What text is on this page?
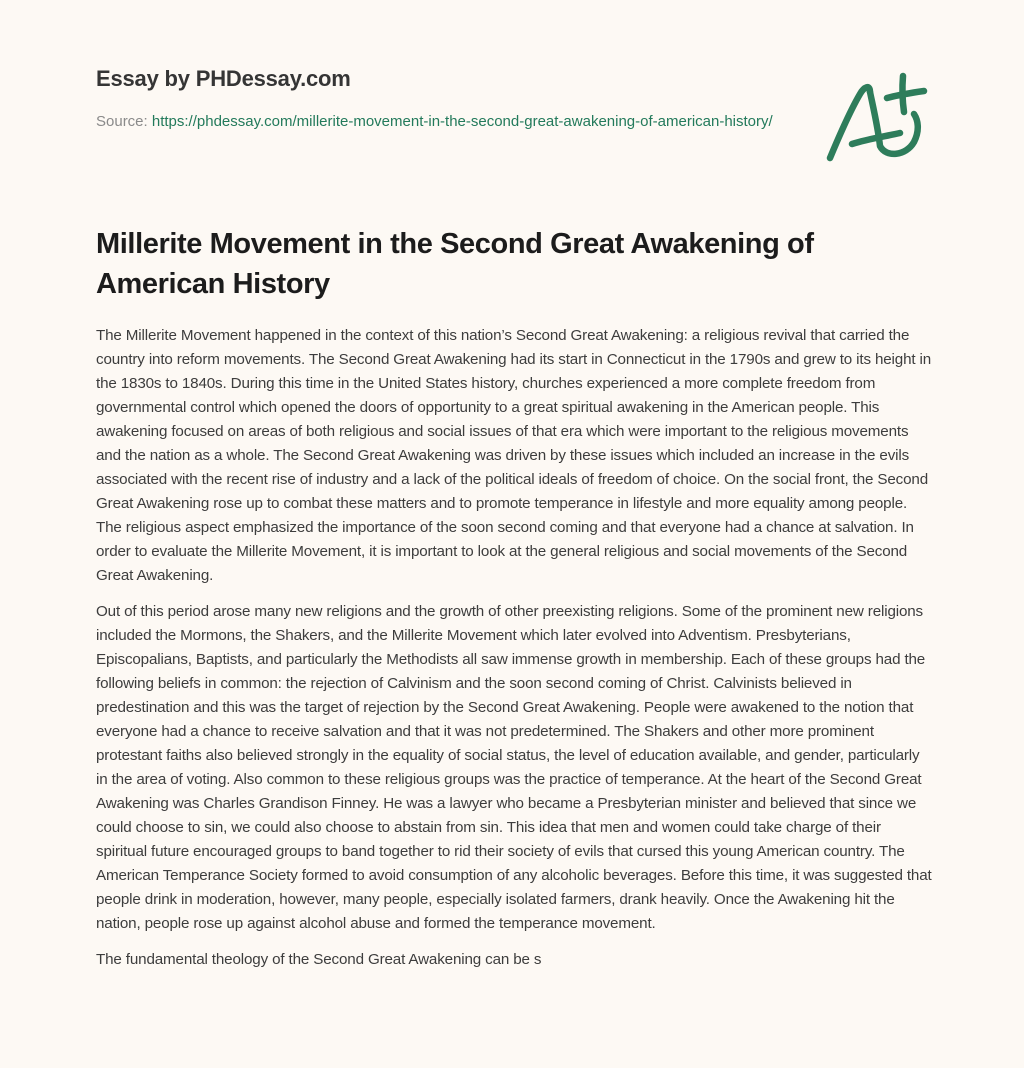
Essay by PHDessay.com
Source: https://phdessay.com/millerite-movement-in-the-second-great-awakening-of-american-history/
Millerite Movement in the Second Great Awakening of American History

The Millerite Movement happened in the context of this nation’s Second Great Awakening: a religious revival that carried the country into reform movements. The Second Great Awakening had its start in Connecticut in the 1790s and grew to its height in the 1830s to 1840s. During this time in the United States history, churches experienced a more complete freedom from governmental control which opened the doors of opportunity to a great spiritual awakening in the American people. This awakening focused on areas of both religious and social issues of that era which were important to the religious movements and the nation as a whole. The Second Great Awakening was driven by these issues which included an increase in the evils associated with the recent rise of industry and a lack of the political ideals of freedom of choice. On the social front, the Second Great Awakening rose up to combat these matters and to promote temperance in lifestyle and more equality among people. The religious aspect emphasized the importance of the soon second coming and that everyone had a chance at salvation. In order to evaluate the Millerite Movement, it is important to look at the general religious and social movements of the Second Great Awakening.

Out of this period arose many new religions and the growth of other preexisting religions. Some of the prominent new religions included the Mormons, the Shakers, and the Millerite Movement which later evolved into Adventism. Presbyterians, Episcopalians, Baptists, and particularly the Methodists all saw immense growth in membership. Each of these groups had the following beliefs in common: the rejection of Calvinism and the soon second coming of Christ. Calvinists believed in predestination and this was the target of rejection by the Second Great Awakening. People were awakened to the notion that everyone had a chance to receive salvation and that it was not predetermined. The Shakers and other more prominent protestant faiths also believed strongly in the equality of social status, the level of education available, and gender, particularly in the area of voting. Also common to these religious groups was the practice of temperance. At the heart of the Second Great Awakening was Charles Grandison Finney. He was a lawyer who became a Presbyterian minister and believed that since we could choose to sin, we could also choose to abstain from sin. This idea that men and women could take charge of their spiritual future encouraged groups to band together to rid their society of evils that cursed this young American country. The American Temperance Society formed to avoid consumption of any alcoholic beverages. Before this time, it was suggested that people drink in moderation, however, many people, especially isolated farmers, drank heavily. Once the Awakening hit the nation, people rose up against alcohol abuse and formed the temperance movement.

The fundamental theology of the Second Great Awakening can be s
